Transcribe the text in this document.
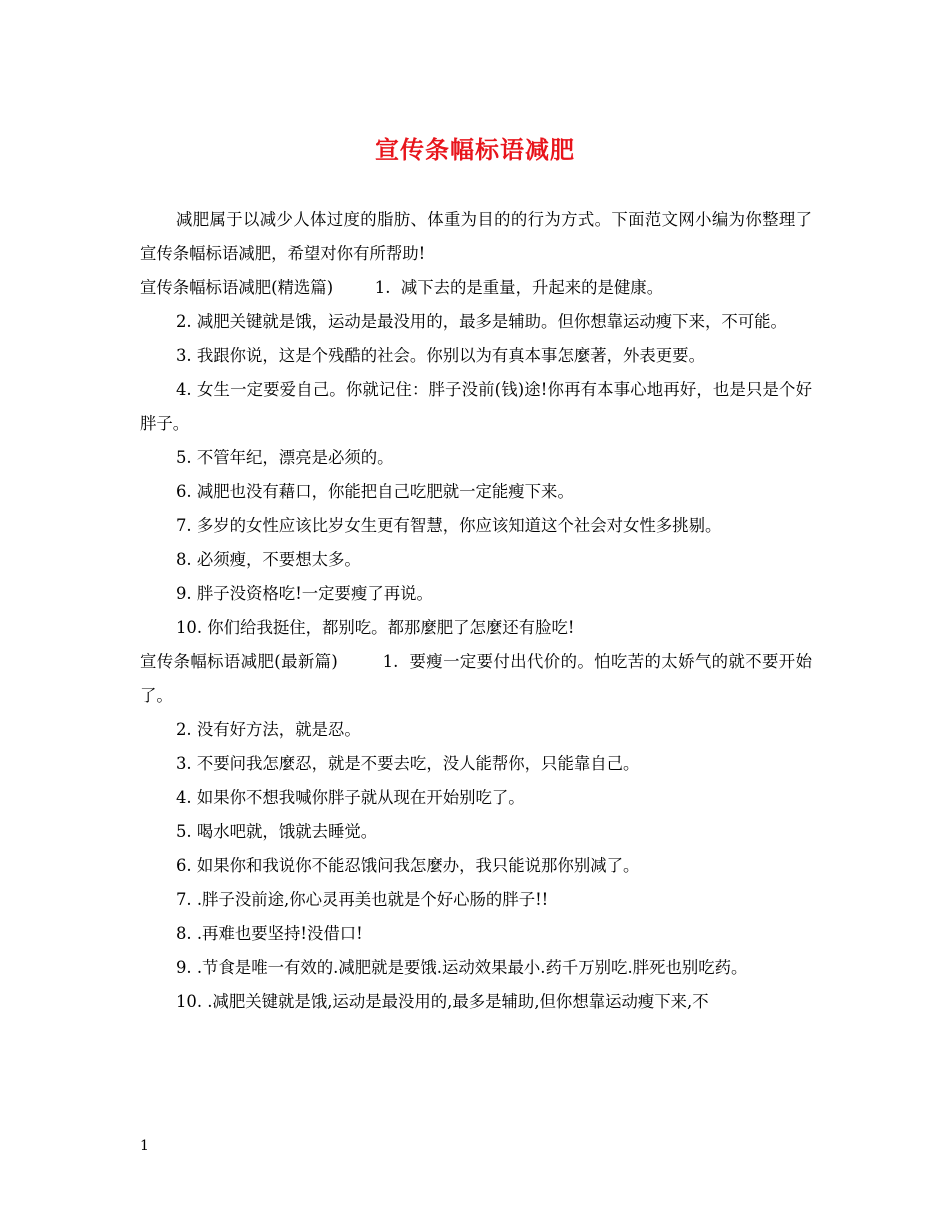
宣传条幅标语减肥

减肥属于以减少人体过度的脂肪、体重为目的的行为方式。下面范文网小编为你整理了宣传条幅标语减肥，希望对你有所帮助!

宣传条幅标语减肥(精选篇)	1.  减下去的是重量，升起来的是健康。

2. 减肥关键就是饿，运动是最没用的，最多是辅助。但你想靠运动瘦下来，不可能。

3. 我跟你说，这是个残酷的社会。你别以为有真本事怎麼著，外表更要。

4. 女生一定要爱自己。你就记住：胖子没前(钱)途!你再有本事心地再好，也是只是个好胖子。

5. 不管年纪，漂亮是必须的。

6. 减肥也没有藉口，你能把自己吃肥就一定能瘦下来。

7. 多岁的女性应该比岁女生更有智慧，你应该知道这个社会对女性多挑剔。

8. 必须瘦，不要想太多。

9. 胖子没资格吃!一定要瘦了再说。

10. 你们给我挺住，都别吃。都那麼肥了怎麼还有脸吃!

宣传条幅标语减肥(最新篇)	1.  要瘦一定要付出代价的。怕吃苦的太娇气的就不要开始了。

2. 没有好方法，就是忍。

3. 不要问我怎麼忍，就是不要去吃，没人能帮你，只能靠自己。

4. 如果你不想我喊你胖子就从现在开始别吃了。

5. 喝水吧就，饿就去睡觉。

6. 如果你和我说你不能忍饿问我怎麼办，我只能说那你别减了。

7. .胖子没前途,你心灵再美也就是个好心肠的胖子!!

8. .再难也要坚持!没借口!

9. .节食是唯一有效的.减肥就是要饿.运动效果最小.药千万别吃.胖死也别吃药。

10. .减肥关键就是饿,运动是最没用的,最多是辅助,但你想靠运动瘦下来,不

1
